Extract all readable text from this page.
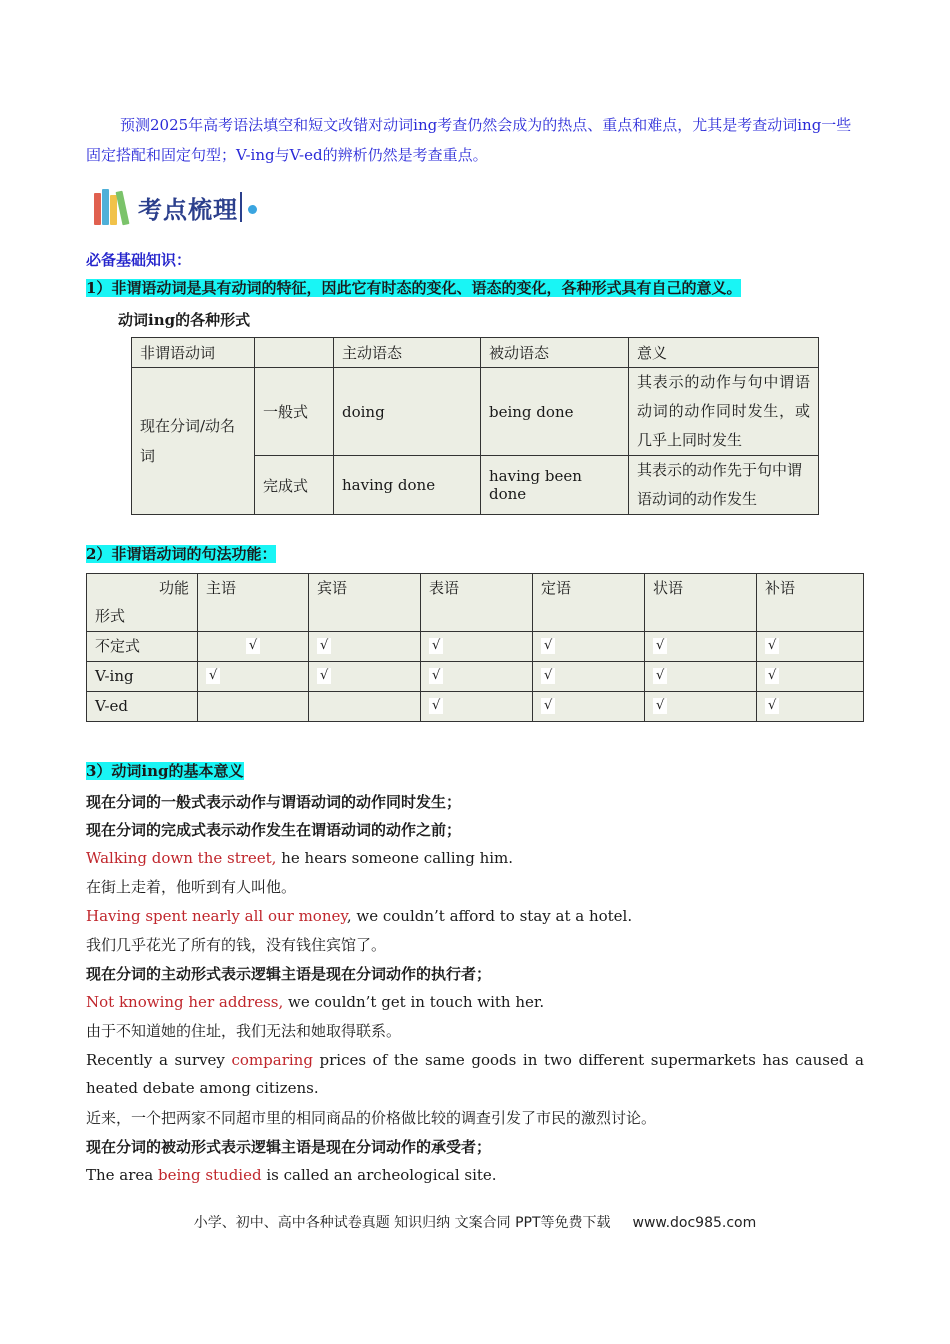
预测2025年高考语法填空和短文改错对动词ing考查仍然会成为的热点、重点和难点，尤其是考查动词ing一些固定搭配和固定句型；V-ing与V-ed的辨析仍然是考查重点。
考点梳理
必备基础知识：
1）非谓语动词是具有动词的特征，因此它有时态的变化、语态的变化，各种形式具有自己的意义。
动词ing的各种形式
非谓语动词		主动语态	被动语态	意义
现在分词/动名词	一般式	doing	being done	其表示的动作与句中谓语动词的动作同时发生，或几乎上同时发生
	完成式	having done	having been done	其表示的动作先于句中谓语动词的动作发生
2）非谓语动词的句法功能：
功能
形式	主语	宾语	表语	定语	状语	补语
不定式	√	√	√	√	√	√
V-ing	√	√	√	√	√	√
V-ed			√	√	√	√
3）动词ing的基本意义
现在分词的一般式表示动作与谓语动词的动作同时发生；
现在分词的完成式表示动作发生在谓语动词的动作之前；
Walking down the street, he hears someone calling him.
在街上走着，他听到有人叫他。
Having spent nearly all our money, we couldn’t afford to stay at a hotel.
我们几乎花光了所有的钱，没有钱住宾馆了。
现在分词的主动形式表示逻辑主语是现在分词动作的执行者；
Not knowing her address, we couldn’t get in touch with her.
由于不知道她的住址，我们无法和她取得联系。
Recently a survey comparing prices of the same goods in two different supermarkets has caused a heated debate among citizens.
近来，一个把两家不同超市里的相同商品的价格做比较的调查引发了市民的激烈讨论。
现在分词的被动形式表示逻辑主语是现在分词动作的承受者；
The area being studied is called an archeological site.
小学、初中、高中各种试卷真题 知识归纳 文案合同 PPT等免费下载 www.doc985.com
